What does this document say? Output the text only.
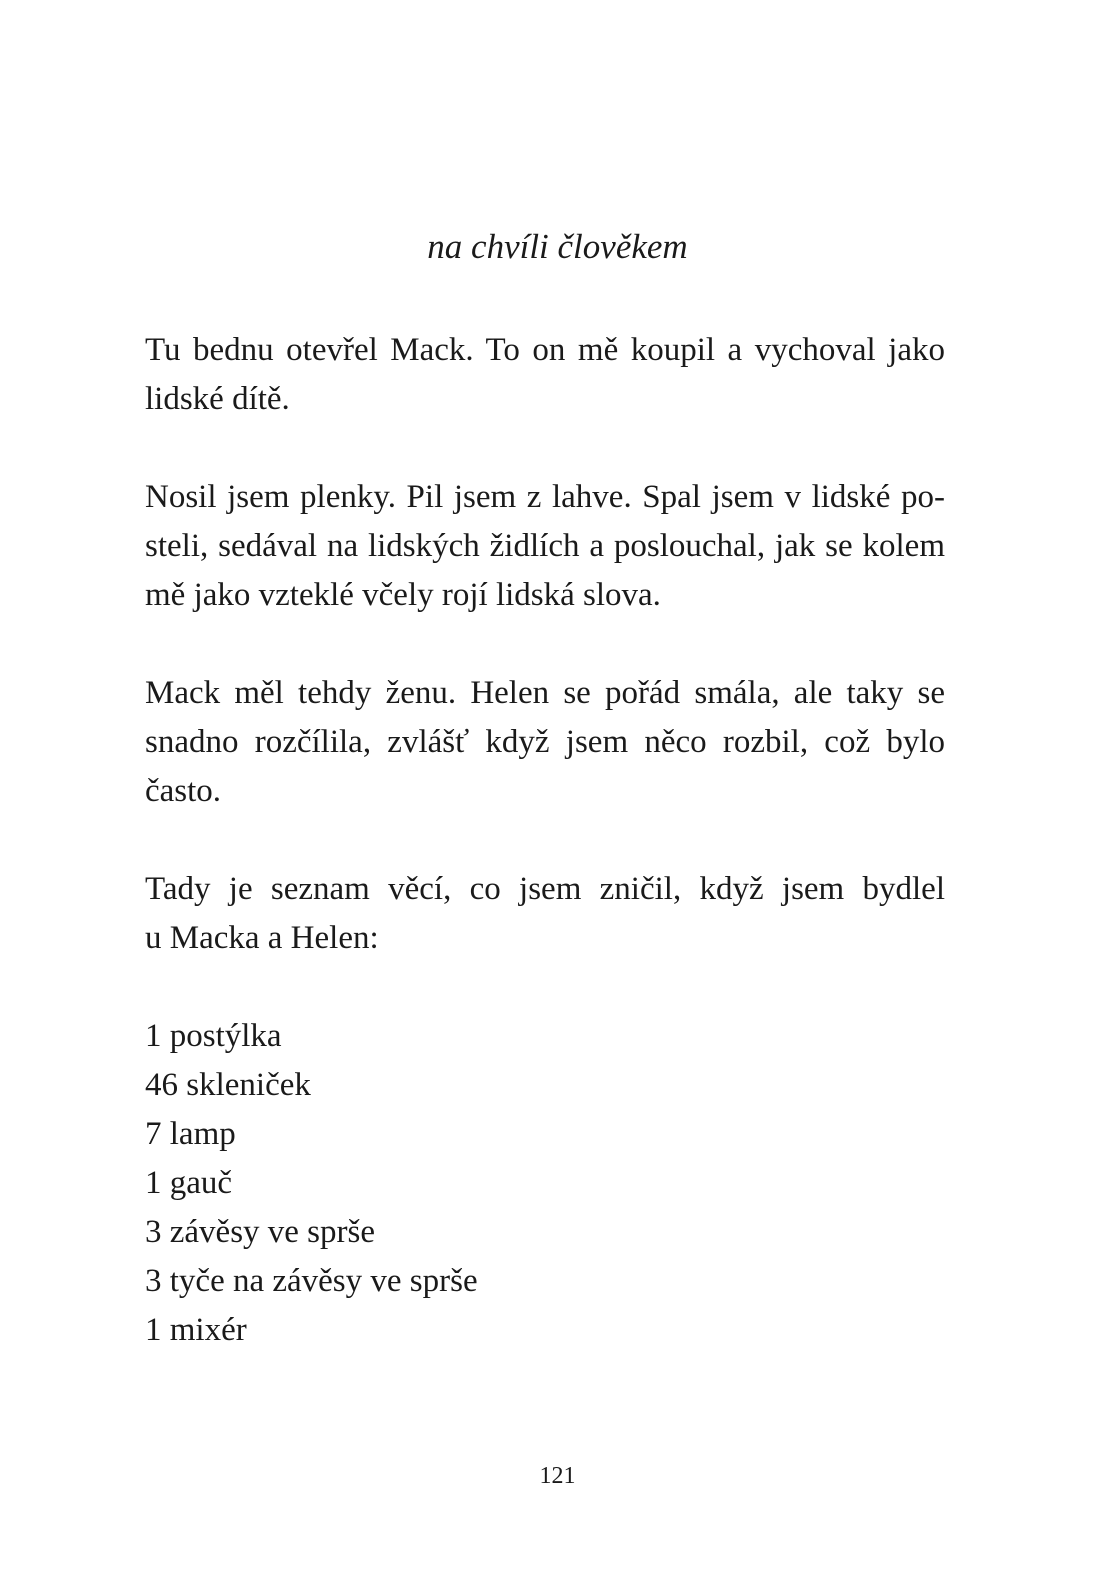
na chvíli člověkem

Tu bednu otevřel Mack. To on mě koupil a vychoval jako
lidské dítě.

Nosil jsem plenky. Pil jsem z lahve. Spal jsem v lidské po-
steli, sedával na lidských židlích a poslouchal, jak se kolem
mě jako vzteklé včely rojí lidská slova.

Mack měl tehdy ženu. Helen se pořád smála, ale taky se
snadno rozčílila, zvlášť když jsem něco rozbil, což bylo
často.

Tady je seznam věcí, co jsem zničil, když jsem bydlel
u Macka a Helen:

1 postýlka
46 skleniček
7 lamp
1 gauč
3 závěsy ve sprše
3 tyče na závěsy ve sprše
1 mixér
121
